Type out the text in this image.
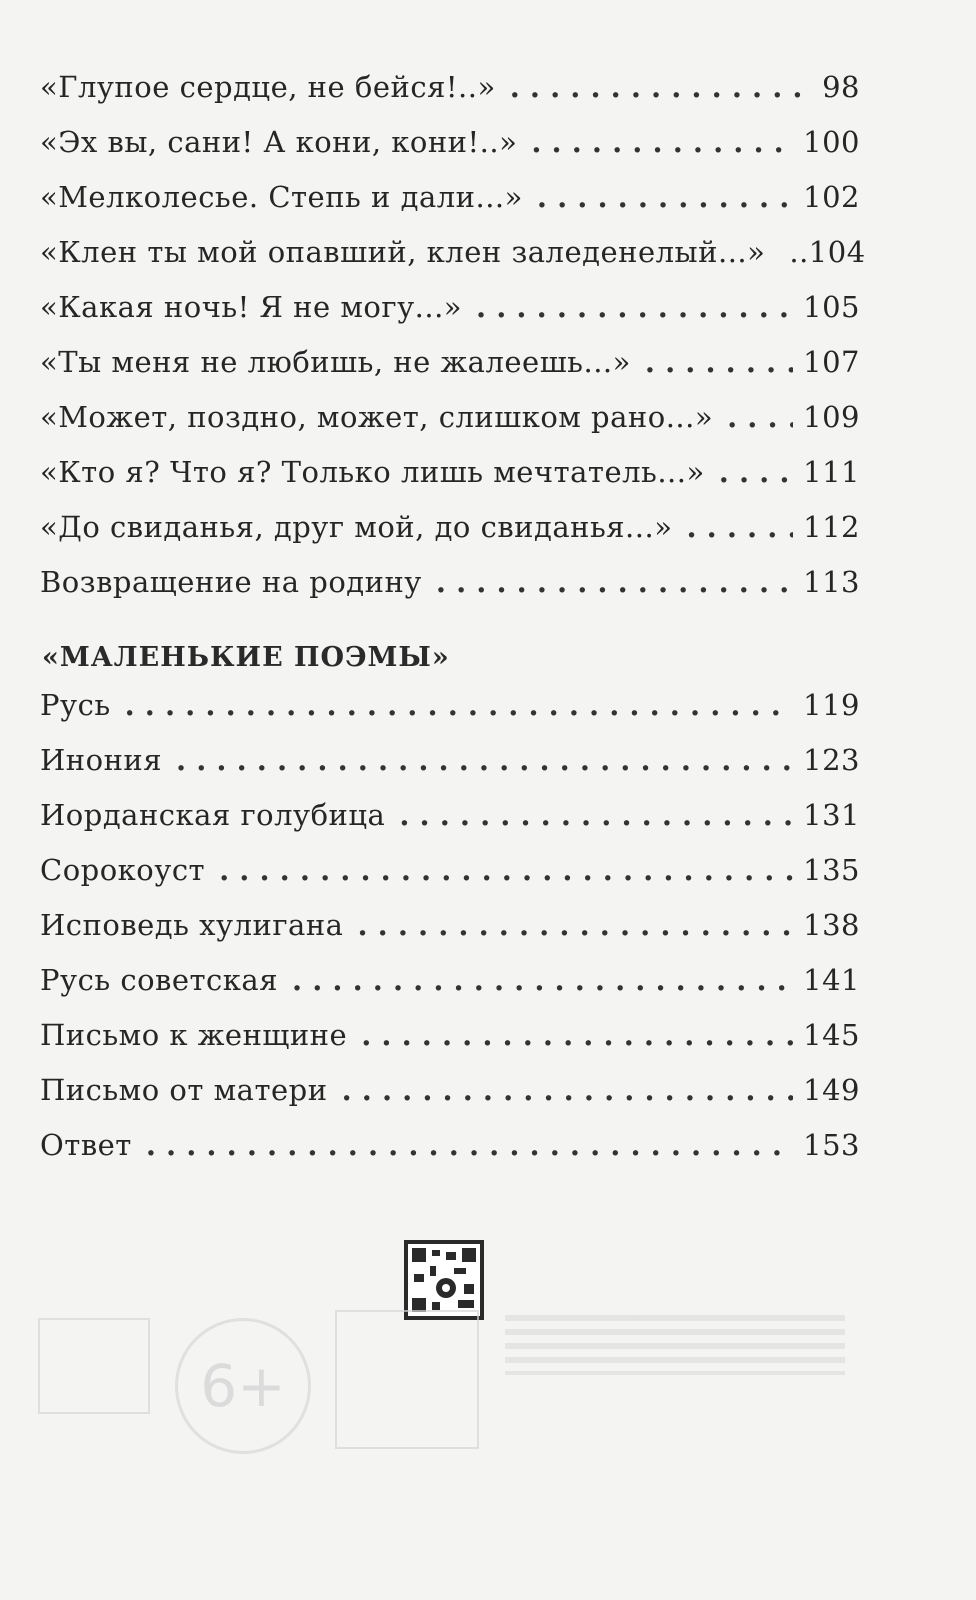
«Глупое сердце, не бейся!..» . . .	98
«Эх вы, сани! А кони, кони!..» . . .	100
«Мелколесье. Степь и дали...» . . .	102
«Клен ты мой опавший, клен заледенелый...» ..104
«Какая ночь! Я не могу...» . . .	105
«Ты меня не любишь, не жалеешь...» . . .	107
«Может, поздно, может, слишком рано...» . . .	109
«Кто я? Что я? Только лишь мечтатель...» . . .	111
«До свиданья, друг мой, до свиданья...» . . .	112
Возвращение на родину . . .	113
«МАЛЕНЬКИЕ ПОЭМЫ»
Русь . . .	119
Инония . . .	123
Иорданская голубица . . .	131
Сорокоуст . . .	135
Исповедь хулигана . . .	138
Русь советская . . .	141
Письмо к женщине . . .	145
Письмо от матери . . .	149
Ответ . . .	153
6+
